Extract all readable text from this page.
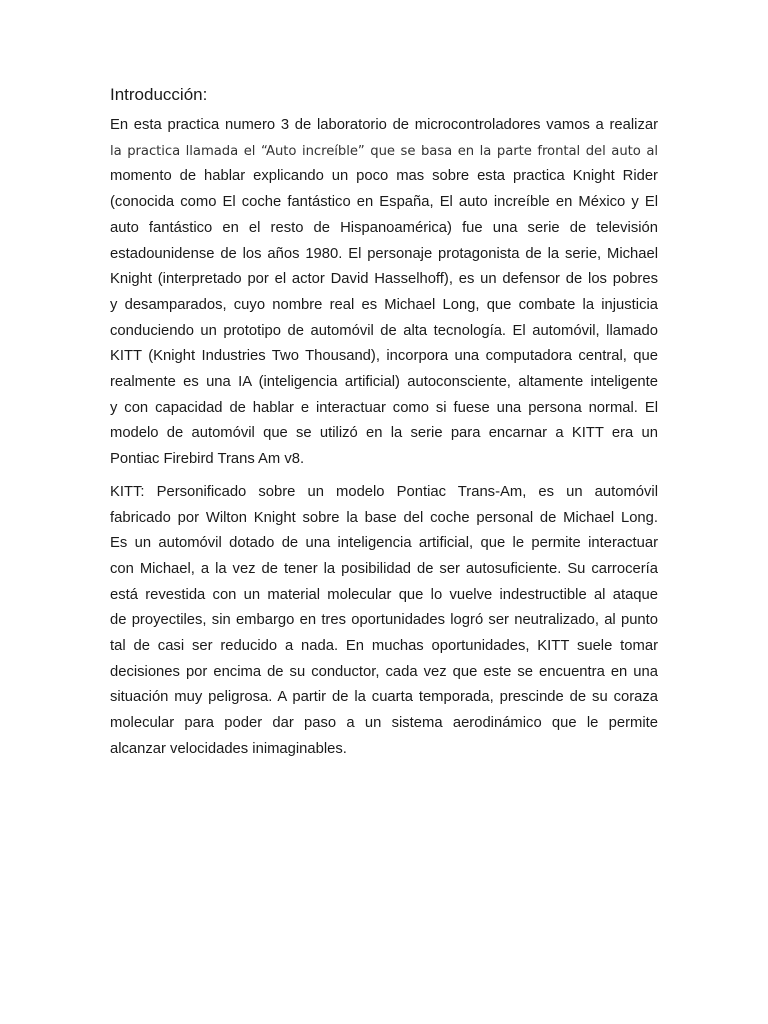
Introducción:

En esta practica numero 3 de laboratorio de microcontroladores vamos a realizar
la practica llamada el “Auto increíble” que se basa en la parte frontal del auto al
momento de hablar explicando un poco mas sobre esta practica Knight Rider
(conocida como El coche fantástico en España, El auto increíble en México y El
auto fantástico en el resto de Hispanoamérica) fue una serie de televisión
estadounidense de los años 1980. El personaje protagonista de la serie, Michael
Knight (interpretado por el actor David Hasselhoff), es un defensor de los pobres
y desamparados, cuyo nombre real es Michael Long, que combate la injusticia
conduciendo un prototipo de automóvil de alta tecnología. El automóvil, llamado
KITT (Knight Industries Two Thousand), incorpora una computadora central, que
realmente es una IA (inteligencia artificial) autoconsciente, altamente inteligente
y con capacidad de hablar e interactuar como si fuese una persona normal. El
modelo de automóvil que se utilizó en la serie para encarnar a KITT era un
Pontiac Firebird Trans Am v8.

KITT: Personificado sobre un modelo Pontiac Trans-Am, es un automóvil
fabricado por Wilton Knight sobre la base del coche personal de Michael Long.
Es un automóvil dotado de una inteligencia artificial, que le permite interactuar
con Michael, a la vez de tener la posibilidad de ser autosuficiente. Su carrocería
está revestida con un material molecular que lo vuelve indestructible al ataque
de proyectiles, sin embargo en tres oportunidades logró ser neutralizado, al punto
tal de casi ser reducido a nada. En muchas oportunidades, KITT suele tomar
decisiones por encima de su conductor, cada vez que este se encuentra en una
situación muy peligrosa. A partir de la cuarta temporada, prescinde de su coraza
molecular para poder dar paso a un sistema aerodinámico que le permite
alcanzar velocidades inimaginables.
